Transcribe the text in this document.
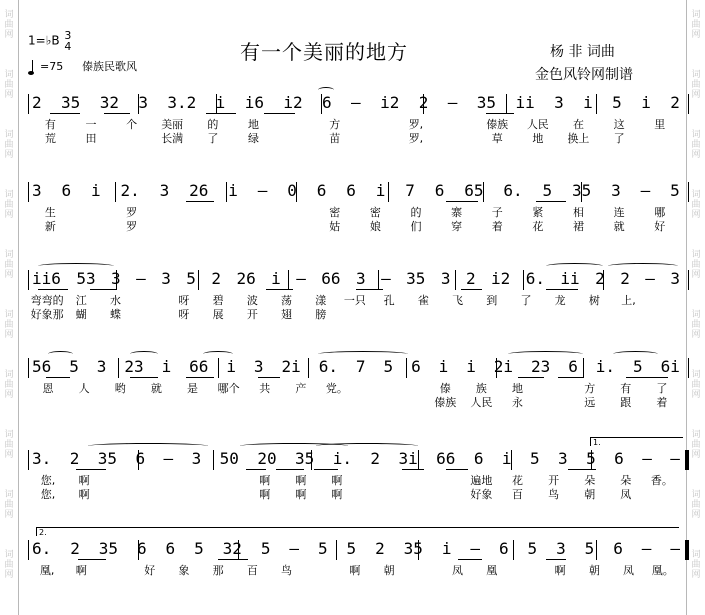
词
曲
网
词
曲
网
词
曲
网
词
曲
网
词
曲
网
词
曲
网
词
曲
网
词
曲
网
词
曲
网
词
曲
网
词
曲
网
词
曲
网
词
曲
网
词
曲
网
词
曲
网
词
曲
网
词
曲
网
词
曲
网
词
曲
网
词
曲
网
1=♭B 3
4
=75 傣族民歌风
有一个美丽的地方	杨 非 词曲
金色风铃网制谱
2 35 32 3 3.2 i i6 i2 6 – i2 2 – 35 ii 3 i 5 i 2
有	一	个	美丽	的	地	方	罗,	傣族	人民	在	这	里
荒	田	长满	了	绿	苗	罗,	草	地	换上	了
3 6 i 2. 3 26 i – 0 6 6 i 7 6 65 6. 5 35 3 – 5
生	罗	密	密	的	寨	子	紧	相	连	哪
新	罗	姑	娘	们	穿	着	花	裙	就	好
ii6 53 3 – 3 5 2 26 i – 66 3 – 35 3 2 i2 6. ii 2 2 – 3
弯弯的	江	水	呀	碧	波	荡	漾	一只	孔	雀	飞	到	了	龙	树	上,
好象那	蝴	蝶	呀	展	开	翅	膀
56 5 3 23 i 66 i 3 2i 6. 7 5 6 i i 2i 23 6 i. 5 6i
恩	人	哟	就	是	哪个	共	产	党。	傣	族	地	方	有	了
傣族	人民	永	远	跟	着
3. 2 35 6 – 3 50 20 35 i. 2 3i 66 6 i 5 3 5 6 – –
1.
您,	啊	啊	啊	啊	遍地	花	开	朵	朵	香。
您,	啊	啊	啊	啊	好象	百	鸟	朝	凤
6. 2 35 6 6 5 32 5 – 5 5 2 35 i – 6 5 3 5 6 – –
2.
凰,	啊	好	象	那	百	鸟	啊	朝	凤	凰	啊	朝	凤	凰。
